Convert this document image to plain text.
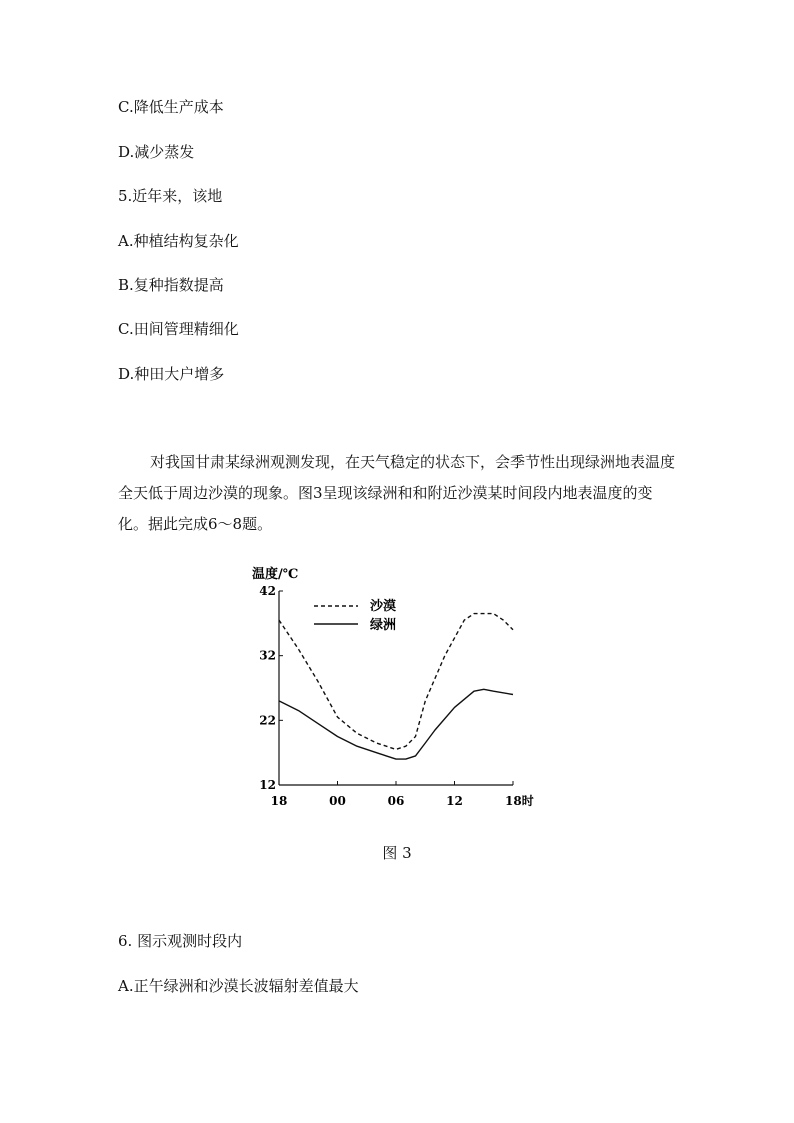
C.降低生产成本
D.减少蒸发
5.近年来，该地
A.种植结构复杂化
B.复种指数提高
C.田间管理精细化
D.种田大户增多
对我国甘肃某绿洲观测发现，在天气稳定的状态下，会季节性出现绿洲地表温度全天低于周边沙漠的现象。图3呈现该绿洲和和附近沙漠某时间段内地表温度的变化。据此完成6～8题。
温度/℃
42
32
22
12
18	00	06	12	18时
沙漠
绿洲
图 3
6. 图示观测时段内
A.正午绿洲和沙漠长波辐射差值最大
